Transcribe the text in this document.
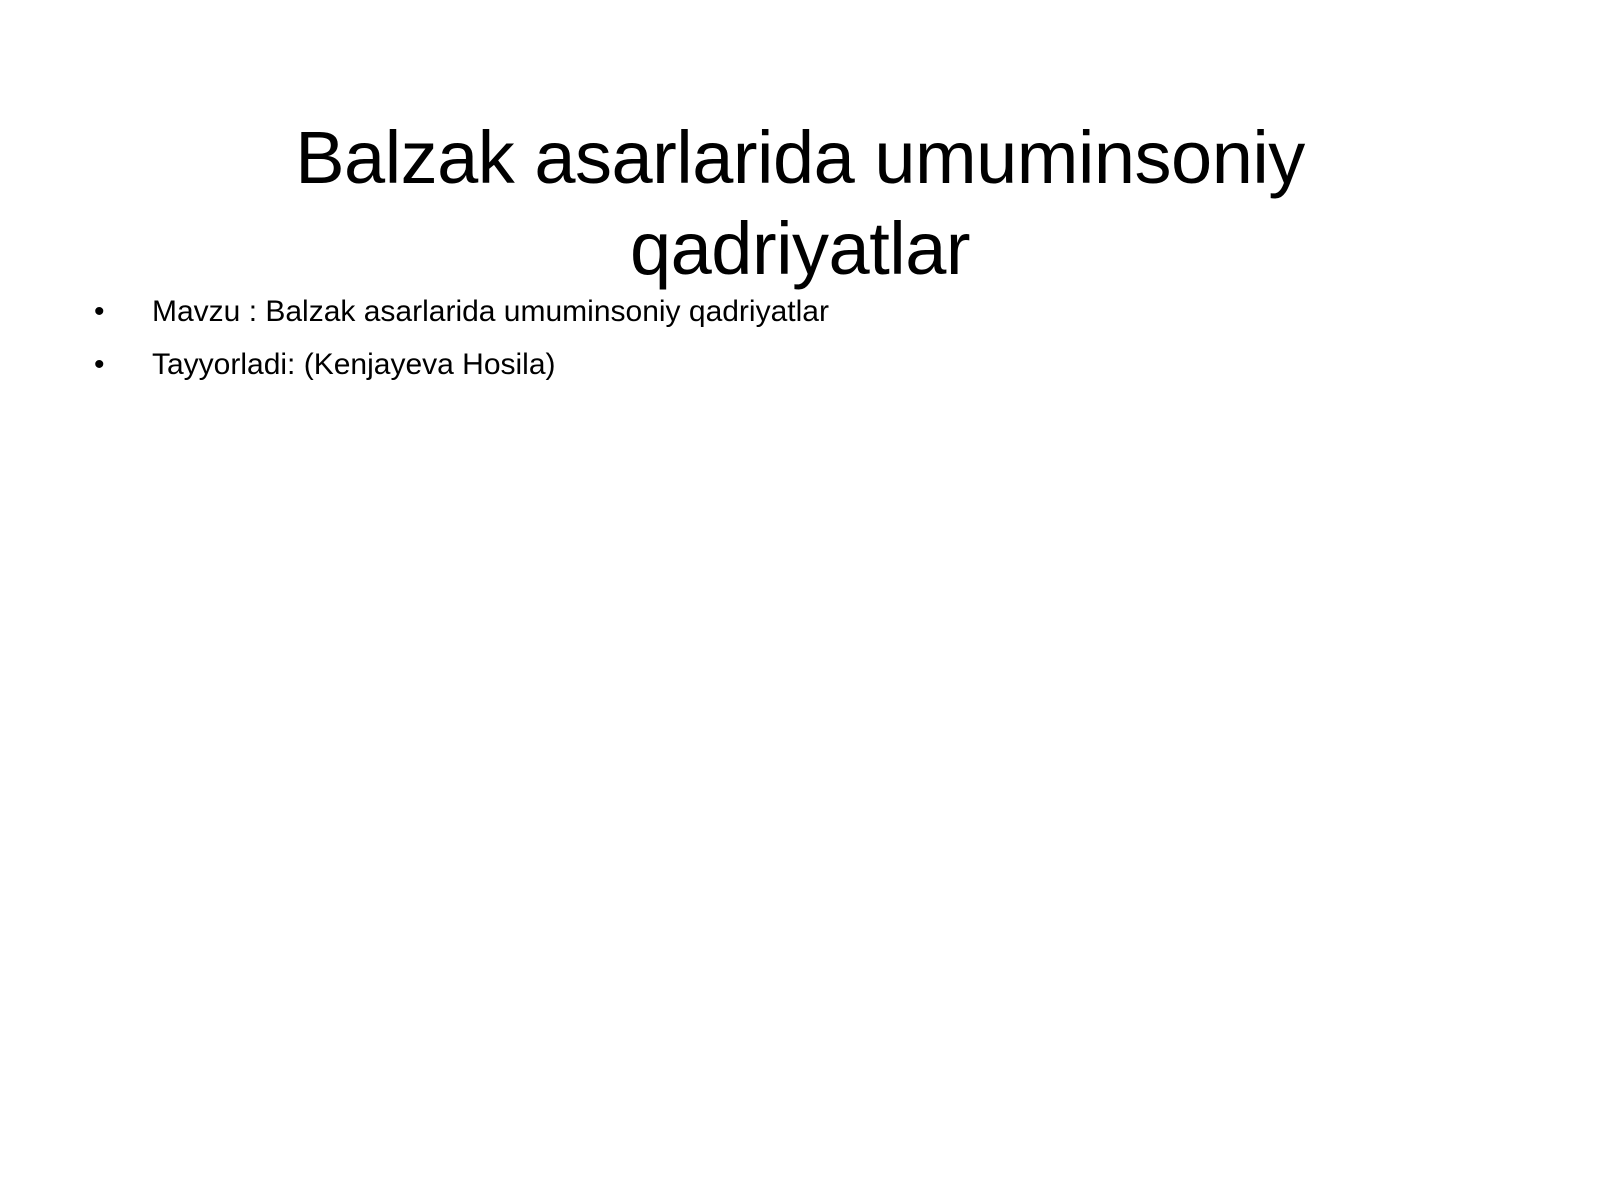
Balzak asarlarida umuminsoniy qadriyatlar
• Mavzu : Balzak asarlarida umuminsoniy qadriyatlar
• Tayyorladi: (Kenjayeva Hosila)
